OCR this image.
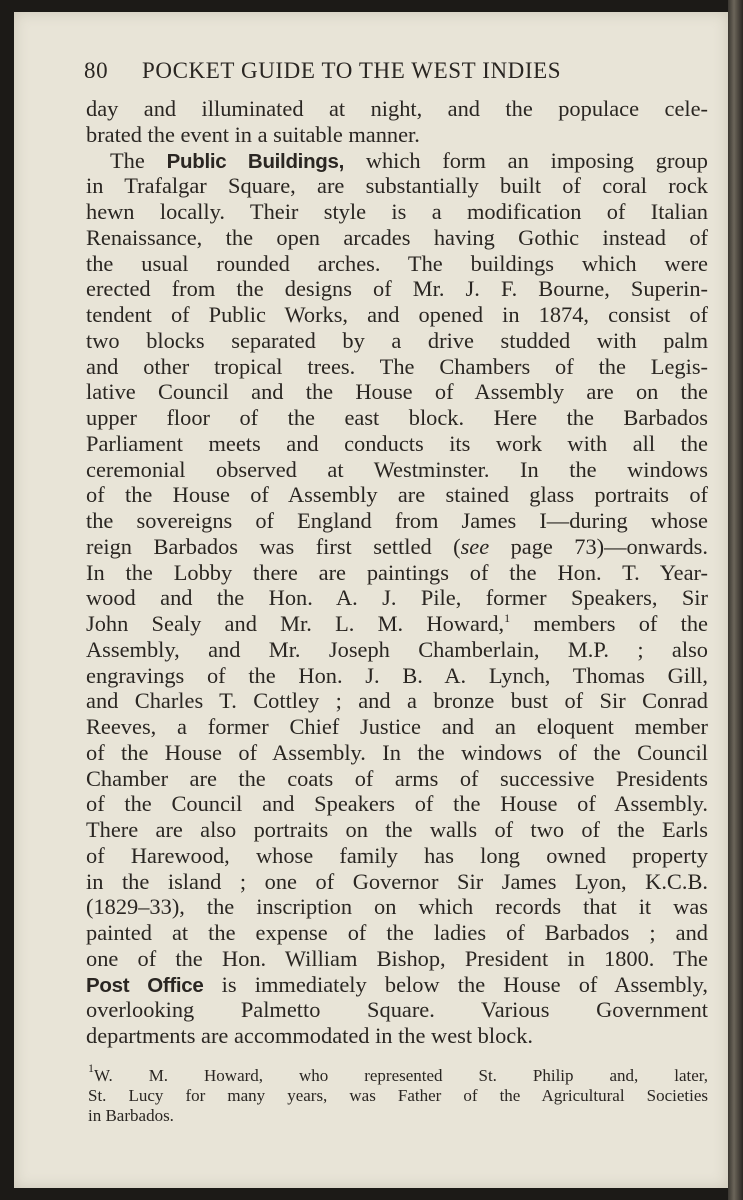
80	POCKET GUIDE TO THE WEST INDIES
day and illuminated at night, and the populace cele-
brated the event in a suitable manner.
The Public Buildings, which form an imposing group
in Trafalgar Square, are substantially built of coral rock
hewn locally. Their style is a modification of Italian
Renaissance, the open arcades having Gothic instead of
the usual rounded arches. The buildings which were
erected from the designs of Mr. J. F. Bourne, Superin-
tendent of Public Works, and opened in 1874, consist of
two blocks separated by a drive studded with palm
and other tropical trees. The Chambers of the Legis-
lative Council and the House of Assembly are on the
upper floor of the east block. Here the Barbados
Parliament meets and conducts its work with all the
ceremonial observed at Westminster. In the windows
of the House of Assembly are stained glass portraits of
the sovereigns of England from James I—during whose
reign Barbados was first settled (see page 73)—onwards.
In the Lobby there are paintings of the Hon. T. Year-
wood and the Hon. A. J. Pile, former Speakers, Sir
John Sealy and Mr. L. M. Howard,$^1$ members of the
Assembly, and Mr. Joseph Chamberlain, M.P. ; also
engravings of the Hon. J. B. A. Lynch, Thomas Gill,
and Charles T. Cottley ; and a bronze bust of Sir Conrad
Reeves, a former Chief Justice and an eloquent member
of the House of Assembly. In the windows of the Council
Chamber are the coats of arms of successive Presidents
of the Council and Speakers of the House of Assembly.
There are also portraits on the walls of two of the Earls
of Harewood, whose family has long owned property
in the island ; one of Governor Sir James Lyon, K.C.B.
(1829–33), the inscription on which records that it was
painted at the expense of the ladies of Barbados ; and
one of the Hon. William Bishop, President in 1800. The
Post Office is immediately below the House of Assembly,
overlooking Palmetto Square. Various Government
departments are accommodated in the west block.
$^1$W. M. Howard, who represented St. Philip and, later,
St. Lucy for many years, was Father of the Agricultural Societies
in Barbados.
